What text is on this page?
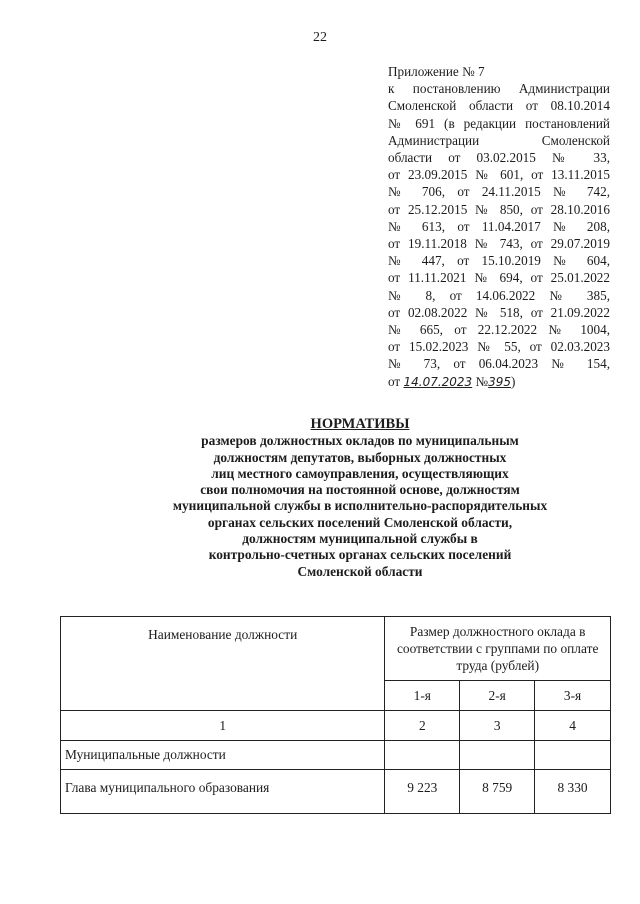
22
Приложение № 7
к постановлению Администрации
Смоленской области от 08.10.2014
№ 691 (в редакции постановлений
Администрации Смоленской
области от 03.02.2015 № 33,
от 23.09.2015 № 601, от 13.11.2015
№ 706, от 24.11.2015 № 742,
от 25.12.2015 № 850, от 28.10.2016
№ 613, от 11.04.2017 № 208,
от 19.11.2018 № 743, от 29.07.2019
№ 447, от 15.10.2019 № 604,
от 11.11.2021 № 694, от 25.01.2022
№ 8, от 14.06.2022 № 385,
от 02.08.2022 № 518, от 21.09.2022
№ 665, от 22.12.2022 № 1004,
от 15.02.2023 № 55, от 02.03.2023
№ 73, от 06.04.2023 № 154,
от 14.07.2023 №395)
НОРМАТИВЫ
размеров должностных окладов по муниципальным
должностям депутатов, выборных должностных
лиц местного самоуправления, осуществляющих
свои полномочия на постоянной основе, должностям
муниципальной службы в исполнительно-распорядительных
органах сельских поселений Смоленской области,
должностям муниципальной службы в
контрольно-счетных органах сельских поселений
Смоленской области
Наименование должности	Размер должностного оклада в соответствии с группами по оплате труда (рублей)		
	1-я	2-я	3-я
1	2	3	4
Муниципальные должности			
Глава муниципального образования	9 223	8 759	8 330
